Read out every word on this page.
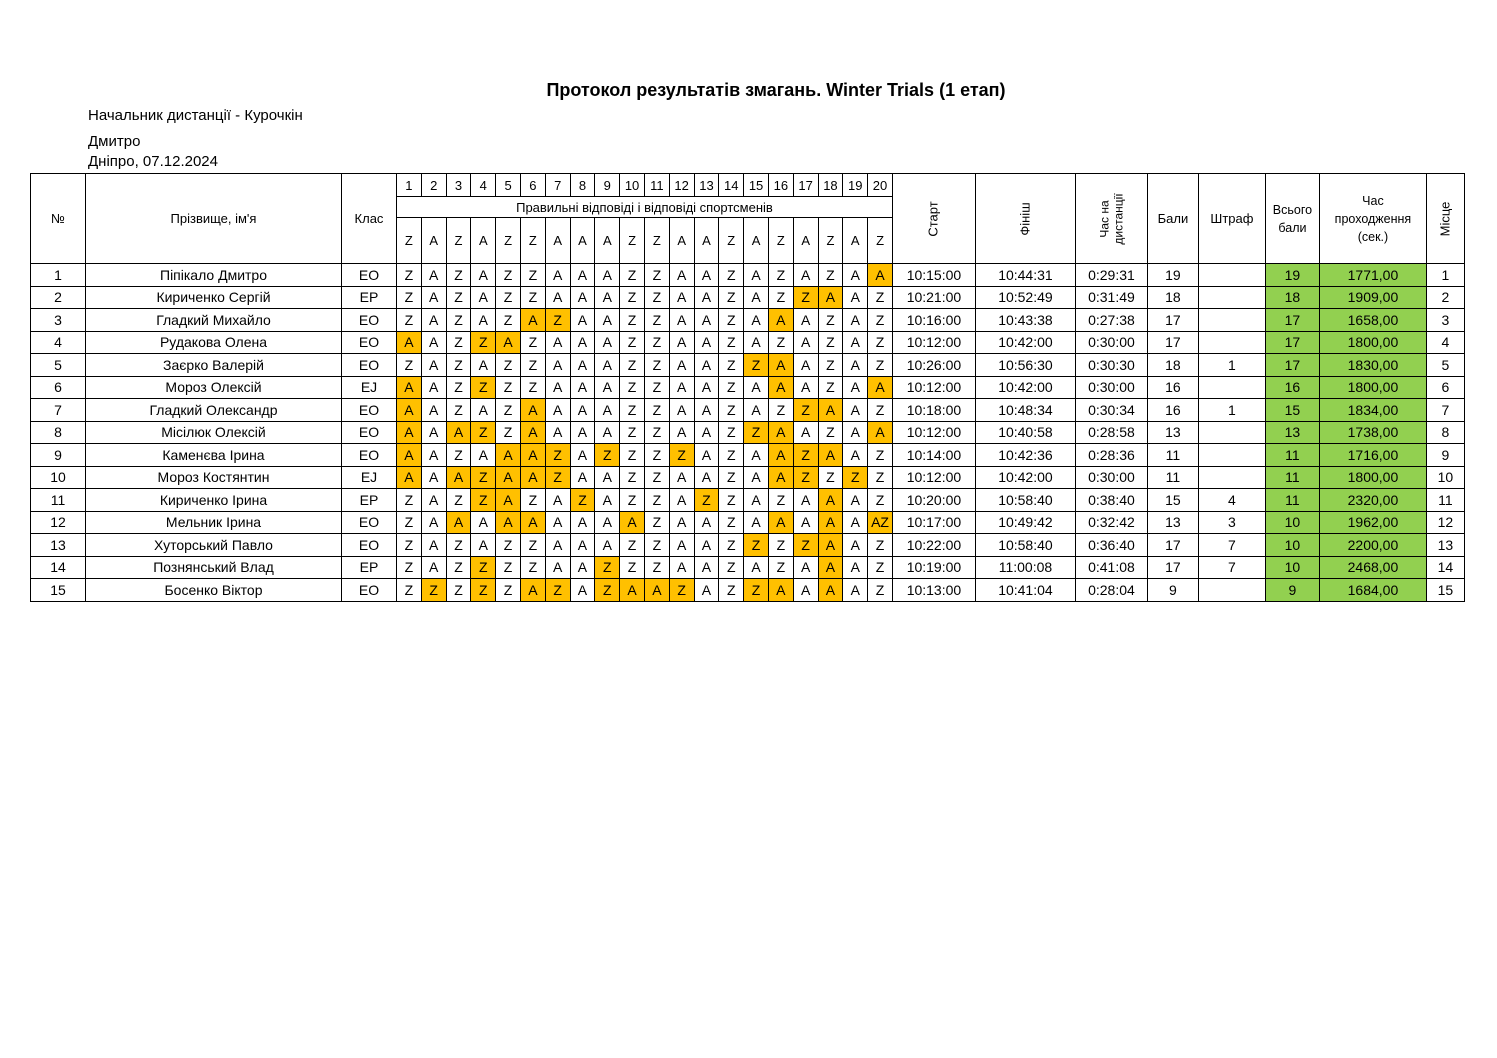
Протокол результатів змагань. Winter Trials (1 етап)
Начальник дистанції - Курочкін
Дмитро
Дніпро, 07.12.2024
№	Прізвище, ім'я	Клас	1	2	3	4	5	6	7	8	9	10	11	12	13	14	15	16	17	18	19	20	Старт	Фініш	Час на
дистанції	Бали	Штраф	Всього
бали	Час
проходження
(сек.)	Місце
			Правильні відповіді і відповіді спортсменів																											
			Z	A	Z	A	Z	Z	A	A	A	Z	Z	A	A	Z	A	Z	A	Z	A	Z								
1	Піпікало Дмитро	EO	Z	A	Z	A	Z	Z	A	A	A	Z	Z	A	A	Z	A	Z	A	Z	A	A	10:15:00	10:44:31	0:29:31	19		19	1771,00	1
2	Кириченко Сергій	EP	Z	A	Z	A	Z	Z	A	A	A	Z	Z	A	A	Z	A	Z	Z	A	A	Z	10:21:00	10:52:49	0:31:49	18		18	1909,00	2
3	Гладкий Михайло	EO	Z	A	Z	A	Z	A	Z	A	A	Z	Z	A	A	Z	A	A	A	Z	A	Z	10:16:00	10:43:38	0:27:38	17		17	1658,00	3
4	Рудакова Олена	EO	A	A	Z	Z	A	Z	A	A	A	Z	Z	A	A	Z	A	Z	A	Z	A	Z	10:12:00	10:42:00	0:30:00	17		17	1800,00	4
5	Заєрко Валерій	EO	Z	A	Z	A	Z	Z	A	A	A	Z	Z	A	A	Z	Z	A	A	Z	A	Z	10:26:00	10:56:30	0:30:30	18	1	17	1830,00	5
6	Мороз Олексій	EJ	A	A	Z	Z	Z	Z	A	A	A	Z	Z	A	A	Z	A	A	A	Z	A	A	10:12:00	10:42:00	0:30:00	16		16	1800,00	6
7	Гладкий Олександр	EO	A	A	Z	A	Z	A	A	A	A	Z	Z	A	A	Z	A	Z	Z	A	A	Z	10:18:00	10:48:34	0:30:34	16	1	15	1834,00	7
8	Місілюк Олексій	EO	A	A	A	Z	Z	A	A	A	A	Z	Z	A	A	Z	Z	A	A	Z	A	A	10:12:00	10:40:58	0:28:58	13		13	1738,00	8
9	Каменєва Ірина	EO	A	A	Z	A	A	A	Z	A	Z	Z	Z	Z	A	Z	A	A	Z	A	A	Z	10:14:00	10:42:36	0:28:36	11		11	1716,00	9
10	Мороз Костянтин	EJ	A	A	A	Z	A	A	Z	A	A	Z	Z	A	A	Z	A	A	Z	Z	Z	Z	10:12:00	10:42:00	0:30:00	11		11	1800,00	10
11	Кириченко Ірина	EP	Z	A	Z	Z	A	Z	A	Z	A	Z	Z	A	Z	Z	A	Z	A	A	A	Z	10:20:00	10:58:40	0:38:40	15	4	11	2320,00	11
12	Мельник Ірина	EO	Z	A	A	A	A	A	A	A	A	A	Z	A	A	Z	A	A	A	A	A	AZ	10:17:00	10:49:42	0:32:42	13	3	10	1962,00	12
13	Хуторський Павло	EO	Z	A	Z	A	Z	Z	A	A	A	Z	Z	A	A	Z	Z	Z	Z	A	A	Z	10:22:00	10:58:40	0:36:40	17	7	10	2200,00	13
14	Познянський Влад	EP	Z	A	Z	Z	Z	Z	A	A	Z	Z	Z	A	A	Z	A	Z	A	A	A	Z	10:19:00	11:00:08	0:41:08	17	7	10	2468,00	14
15	Босенко Віктор	EO	Z	Z	Z	Z	Z	A	Z	A	Z	A	A	Z	A	Z	Z	A	A	A	A	Z	10:13:00	10:41:04	0:28:04	9		9	1684,00	15
